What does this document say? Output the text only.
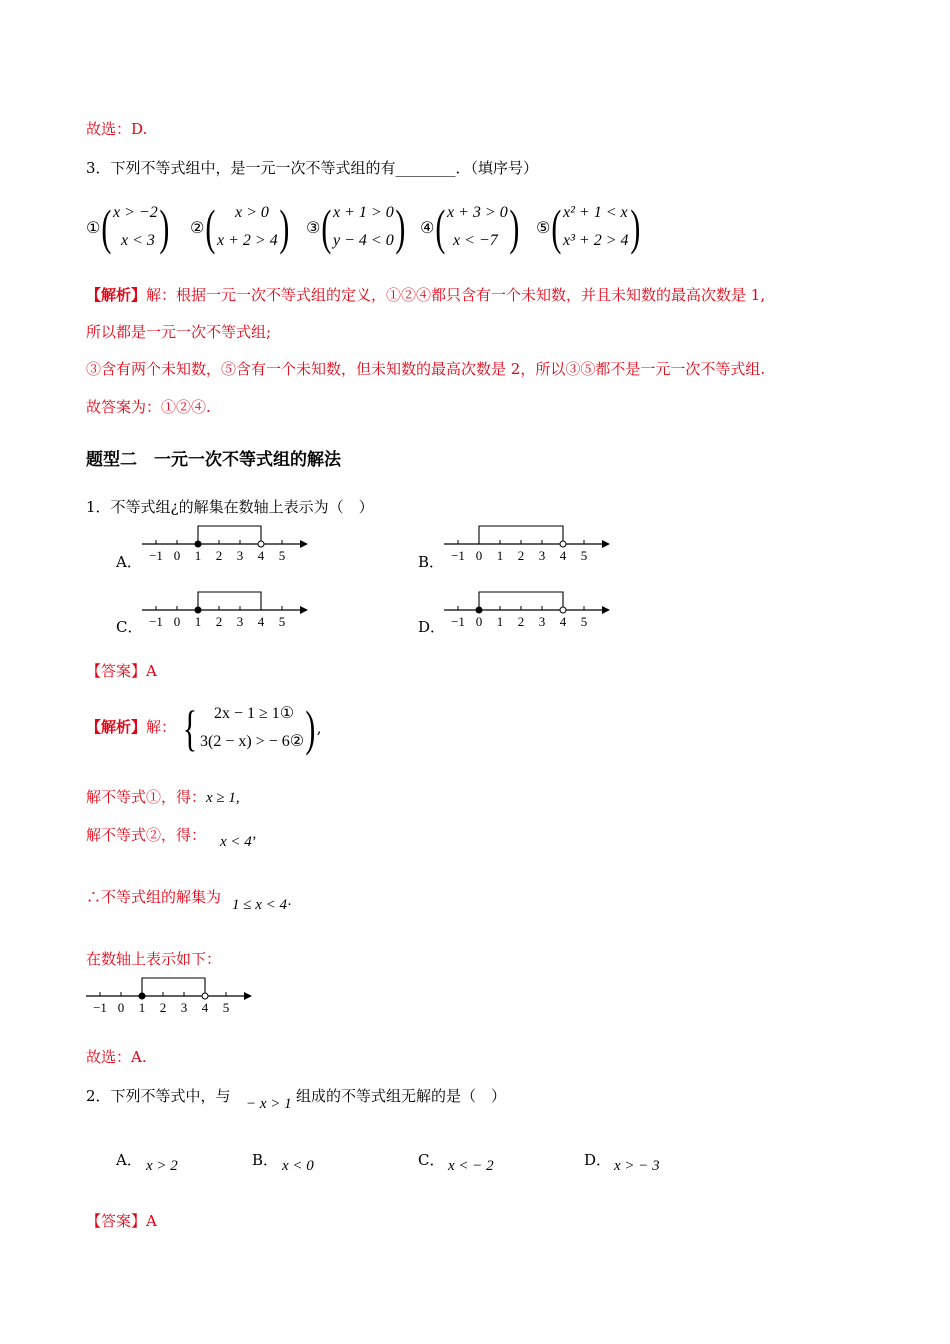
故选：D.
3．下列不等式组中，是一元一次不等式组的有________．（填序号）
① ( x > −2
x < 3 ) ② (	x > 0
x + 2 > 4 ) ③ ( x + 1 > 0
y − 4 < 0 ) ④ ( x + 3 > 0
x < −7 ) ⑤ ( x² + 1 < x
x³ + 2 > 4 )
【解析】解：根据一元一次不等式组的定义，①②④都只含有一个未知数，并且未知数的最高次数是 1,
所以都是一元一次不等式组;
③含有两个未知数，⑤含有一个未知数，但未知数的最高次数是 2，所以③⑤都不是一元一次不等式组.
故答案为：①②④.
题型二　一元一次不等式组的解法
1．不等式组¿的解集在数轴上表示为（　）
A．	B．
C．	D．
−1 0 1 2 3 4 5	−1 0 1 2 3 4 5
−1 0 1 2 3 4 5	−1 0 1 2 3 4 5
【答案】A
【解析】解： {	2x − 1 ≥ 1①
3(2 − x) > − 6② ) ,
解不等式①，得：x ≥ 1,
解不等式②，得： x < 4’
∴不等式组的解集为 1 ≤ x < 4·
在数轴上表示如下：
−1 0 1 2 3 4 5
故选：A.
2．下列不等式中，与 − x > 1 组成的不等式组无解的是（　）
A． x > 2	B． x < 0	C． x < − 2	D． x > − 3
【答案】A
